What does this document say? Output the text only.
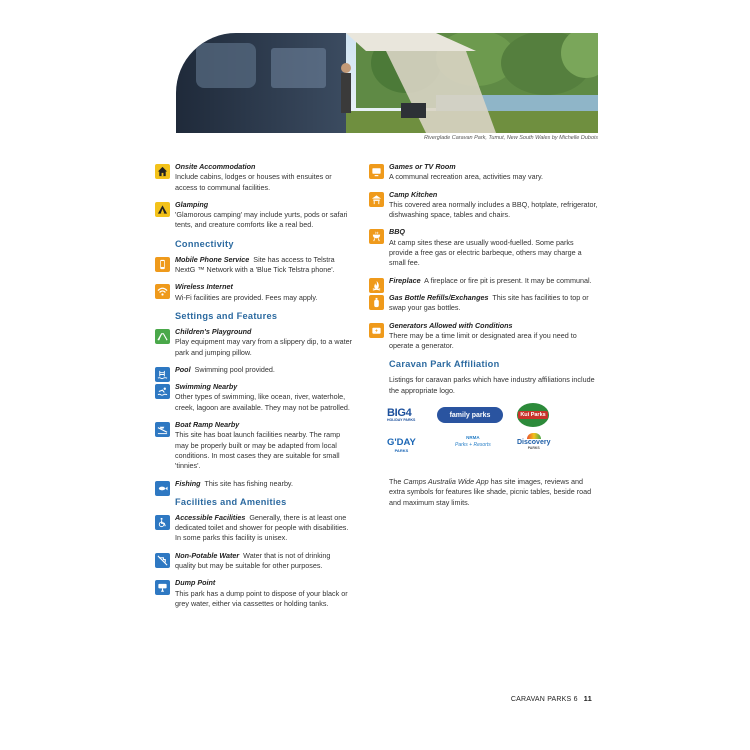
Riverglade Caravan Park, Tumut, New South Wales by Michelle Dubois
Onsite Accommodation
Include cabins, lodges or houses with ensuites or access to communal facilities.
Glamping
'Glamorous camping' may include yurts, pods or safari tents, and creature comforts like a real bed.
Connectivity
Mobile Phone Service Site has access to Telstra NextG ™ Network with a 'Blue Tick Telstra phone'.
Wireless Internet
Wi-Fi facilities are provided. Fees may apply.
Settings and Features
Children's Playground
Play equipment may vary from a slippery dip, to a water park and jumping pillow.
Pool Swimming pool provided.
Swimming Nearby
Other types of swimming, like ocean, river, waterhole, creek, lagoon are available. They may not be patrolled.
Boat Ramp Nearby
This site has boat launch facilities nearby. The ramp may be properly built or may be adapted from local conditions. In most cases they are suitable for small 'tinnies'.
Fishing This site has fishing nearby.
Facilities and Amenities
Accessible Facilities Generally, there is at least one dedicated toilet and shower for people with disabilities. In some parks this facility is unisex.
Non-Potable Water Water that is not of drinking quality but may be suitable for other purposes.
Dump Point
This park has a dump point to dispose of your black or grey water, either via cassettes or holding tanks.
Games or TV Room
A communal recreation area, activities may vary.
Camp Kitchen
This covered area normally includes a BBQ, hotplate, refrigerator, dishwashing space, tables and chairs.
BBQ
At camp sites these are usually wood-fuelled. Some parks provide a free gas or electric barbeque, others may charge a small fee.
Fireplace A fireplace or fire pit is present. It may be communal.
Gas Bottle Refills/Exchanges This site has facilities to top or swap your gas bottles.
Generators Allowed with Conditions
There may be a time limit or designated area if you need to operate a generator.
Caravan Park Affiliation
Listings for caravan parks which have industry affiliations include the appropriate logo.
BIG4
HOLIDAY PARKS
family parks	Kui Parks
G'DAY
PARKS
NRMA
Parks + Resorts	Discovery
PARKS
The Camps Australia Wide App has site images, reviews and extra symbols for features like shade, picnic tables, beside road and maximum stay limits.
CARAVAN PARKS 6 11
